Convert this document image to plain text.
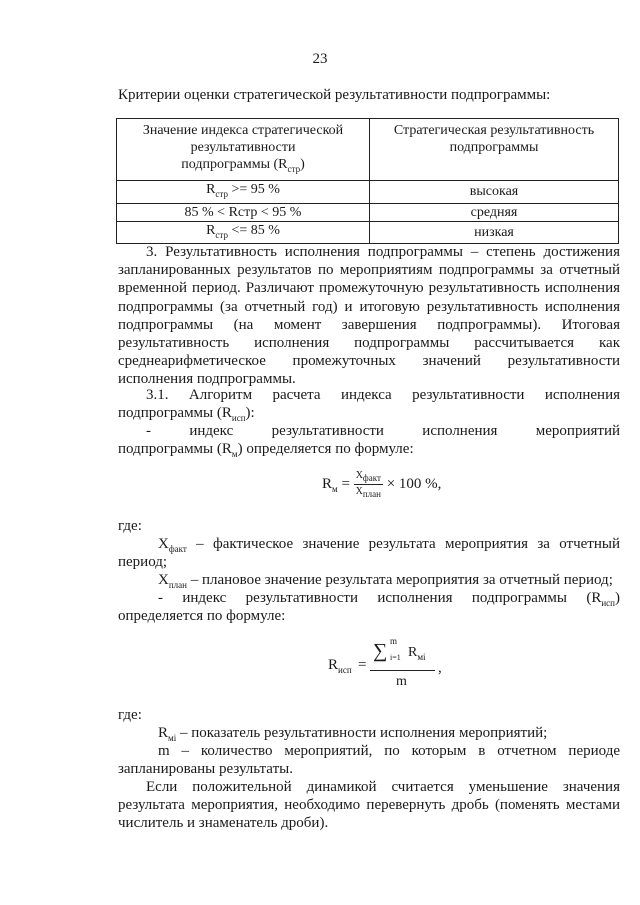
23
Критерии оценки стратегической результативности подпрограммы:
Значение индекса стратегической
результативности
подпрограммы $(R_{стр})$	Стратегическая результативность
подпрограммы
$R_{стр} >= 95$ %	высокая
85 % < Rстр < 95 %	средняя
$R_{стр} <= 85$ %	низкая
3. Результативность исполнения подпрограммы – степень достижения запланированных результатов по мероприятиям подпрограммы за отчетный временной период. Различают промежуточную результативность исполнения подпрограммы (за отчетный год) и итоговую результативность исполнения подпрограммы (на момент завершения подпрограммы). Итоговая результативность исполнения подпрограммы рассчитывается как среднеарифметическое промежуточных значений результативности исполнения подпрограммы.
3.1. Алгоритм расчета индекса результативности исполнения
подпрограммы $(R_{исп})$:
- индекс результативности исполнения мероприятий
подпрограммы $(R_м)$ определяется по формуле:
$R_м = \frac{X_{факт}}{X_{план}} \times 100$ %,
где:
$X_{факт}$ – фактическое значение результата мероприятия за отчетный
период;
$X_{план}$ – плановое значение результата мероприятия за отчетный период;
- индекс результативности исполнения подпрограммы $(R_{исп})$
определяется по формуле:
$R_{исп}$ =
∑ m
i=1 $R_{мi}$
m
,
где:
$R_{мi}$ – показатель результативности исполнения мероприятий;
m – количество мероприятий, по которым в отчетном периоде
запланированы результаты.
Если положительной динамикой считается уменьшение значения результата мероприятия, необходимо перевернуть дробь (поменять местами числитель и знаменатель дроби).
